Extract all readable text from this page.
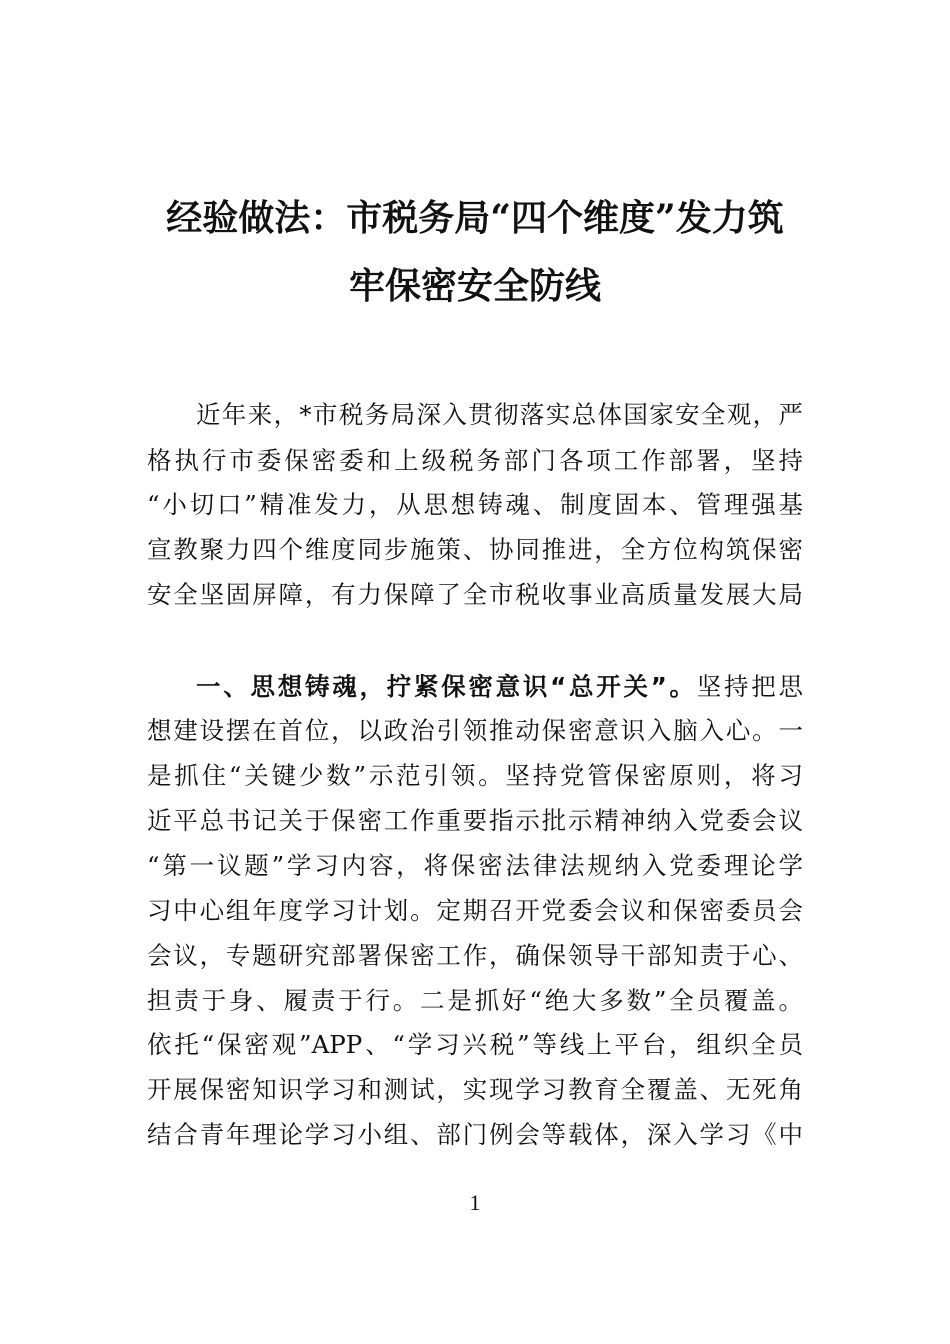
经验做法：市税务局“四个维度”发力筑
牢保密安全防线
近年来，*市税务局深入贯彻落实总体国家安全观，严
格执行市委保密委和上级税务部门各项工作部署，坚持
“小切口”精准发力，从思想铸魂、制度固本、管理强基
宣教聚力四个维度同步施策、协同推进，全方位构筑保密
安全坚固屏障，有力保障了全市税收事业高质量发展大局
一、思想铸魂，拧紧保密意识“总开关”。坚持把思
想建设摆在首位，以政治引领推动保密意识入脑入心。一
是抓住“关键少数”示范引领。坚持党管保密原则，将习
近平总书记关于保密工作重要指示批示精神纳入党委会议
“第一议题”学习内容，将保密法律法规纳入党委理论学
习中心组年度学习计划。定期召开党委会议和保密委员会
会议，专题研究部署保密工作，确保领导干部知责于心、
担责于身、履责于行。二是抓好“绝大多数”全员覆盖。
依托“保密观”APP、“学习兴税”等线上平台，组织全员
开展保密知识学习和测试，实现学习教育全覆盖、无死角
结合青年理论学习小组、部门例会等载体，深入学习《中
1
